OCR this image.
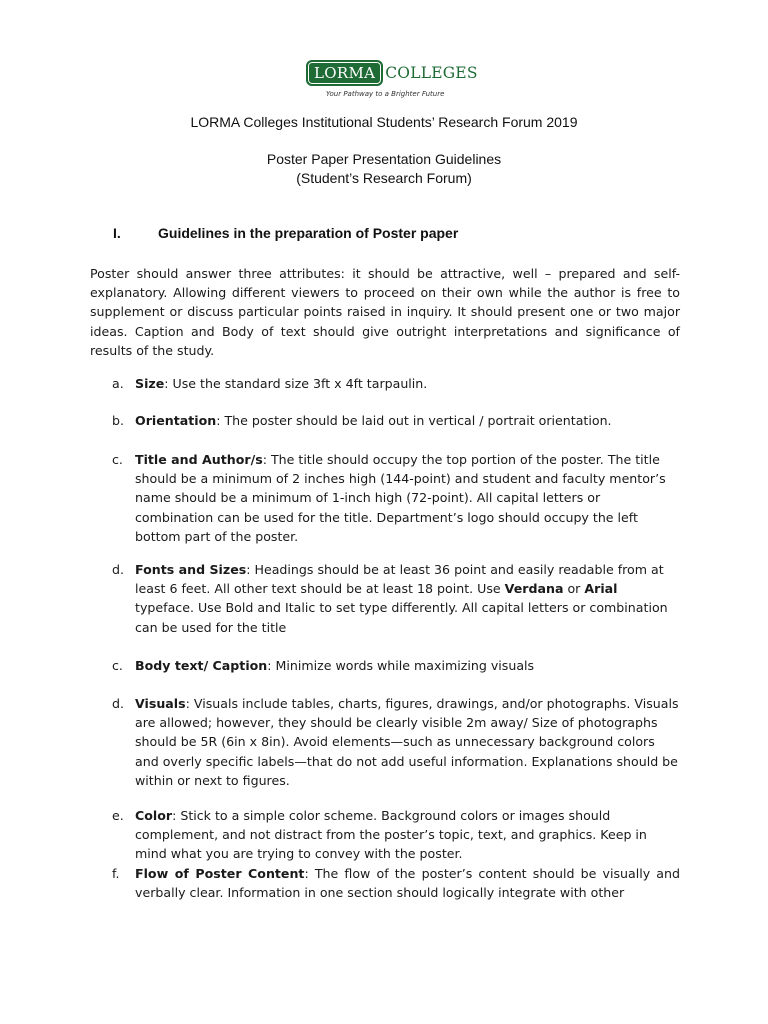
LORMA COLLEGES
Your Pathway to a Brighter Future
LORMA Colleges Institutional Students’ Research Forum 2019
Poster Paper Presentation Guidelines
(Student’s Research Forum)
I.	Guidelines in the preparation of Poster paper
Poster should answer three attributes: it should be attractive, well – prepared and self-explanatory. Allowing different viewers to proceed on their own while the author is free to supplement or discuss particular points raised in inquiry. It should present one or two major ideas. Caption and Body of text should give outright interpretations and significance of results of the study.
a. Size: Use the standard size 3ft x 4ft tarpaulin.
b. Orientation: The poster should be laid out in vertical / portrait orientation.
c. Title and Author/s: The title should occupy the top portion of the poster. The title should be a minimum of 2 inches high (144-point) and student and faculty mentor’s name should be a minimum of 1-inch high (72-point). All capital letters or combination can be used for the title. Department’s logo should occupy the left bottom part of the poster.
d. Fonts and Sizes: Headings should be at least 36 point and easily readable from at least 6 feet. All other text should be at least 18 point. Use Verdana or Arial typeface. Use Bold and Italic to set type differently. All capital letters or combination can be used for the title
c. Body text/ Caption: Minimize words while maximizing visuals
d. Visuals: Visuals include tables, charts, figures, drawings, and/or photographs. Visuals are allowed; however, they should be clearly visible 2m away/ Size of photographs should be 5R (6in x 8in). Avoid elements—such as unnecessary background colors and overly specific labels—that do not add useful information. Explanations should be within or next to figures.
e. Color: Stick to a simple color scheme. Background colors or images should complement, and not distract from the poster’s topic, text, and graphics. Keep in mind what you are trying to convey with the poster.
f. Flow of Poster Content: The flow of the poster’s content should be visually and verbally clear. Information in one section should logically integrate with other
